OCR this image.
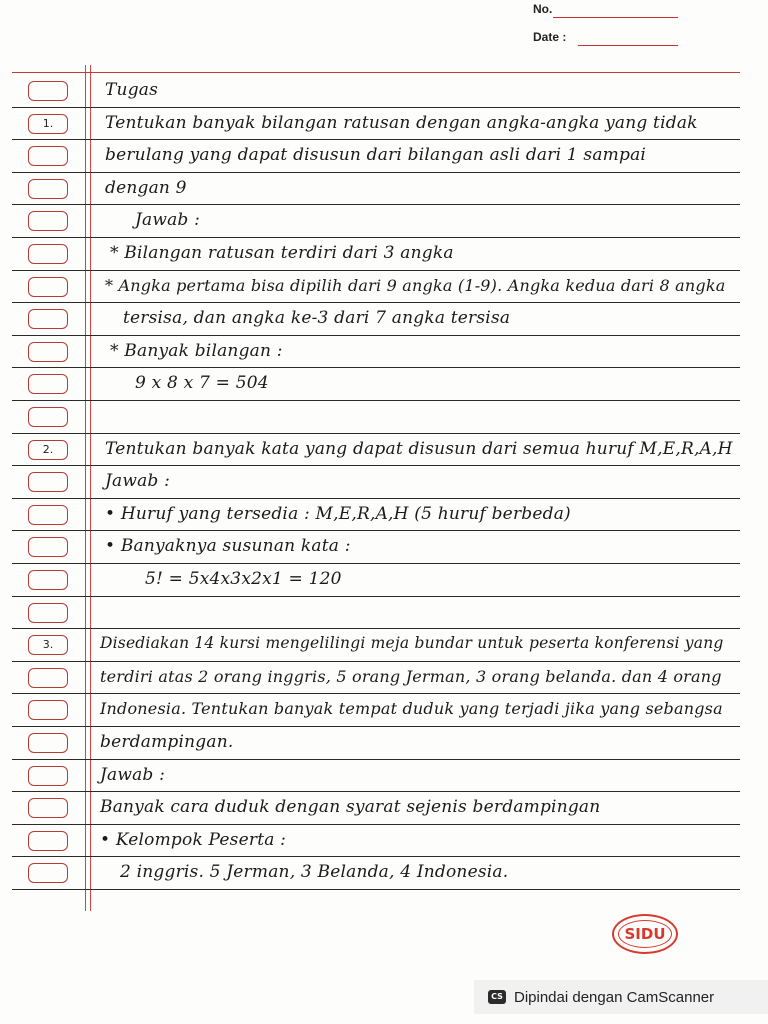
No.
Date :
Tugas
1.	Tentukan banyak bilangan ratusan dengan angka-angka yang tidak
berulang yang dapat disusun dari bilangan asli dari 1 sampai
dengan 9
Jawab :
* Bilangan ratusan terdiri dari 3 angka
* Angka pertama bisa dipilih dari 9 angka (1-9). Angka kedua dari 8 angka
tersisa, dan angka ke-3 dari 7 angka tersisa
* Banyak bilangan :
9 x 8 x 7 = 504
2.	Tentukan banyak kata yang dapat disusun dari semua huruf M,E,R,A,H
Jawab :
• Huruf yang tersedia : M,E,R,A,H (5 huruf berbeda)
• Banyaknya susunan kata :
5! = 5x4x3x2x1 = 120
3.	Disediakan 14 kursi mengelilingi meja bundar untuk peserta konferensi yang
terdiri atas 2 orang inggris, 5 orang Jerman, 3 orang belanda. dan 4 orang
Indonesia. Tentukan banyak tempat duduk yang terjadi jika yang sebangsa
berdampingan.
Jawab :
Banyak cara duduk dengan syarat sejenis berdampingan
• Kelompok Peserta :
2 inggris. 5 Jerman, 3 Belanda, 4 Indonesia.
SIDU
CS Dipindai dengan CamScanner
